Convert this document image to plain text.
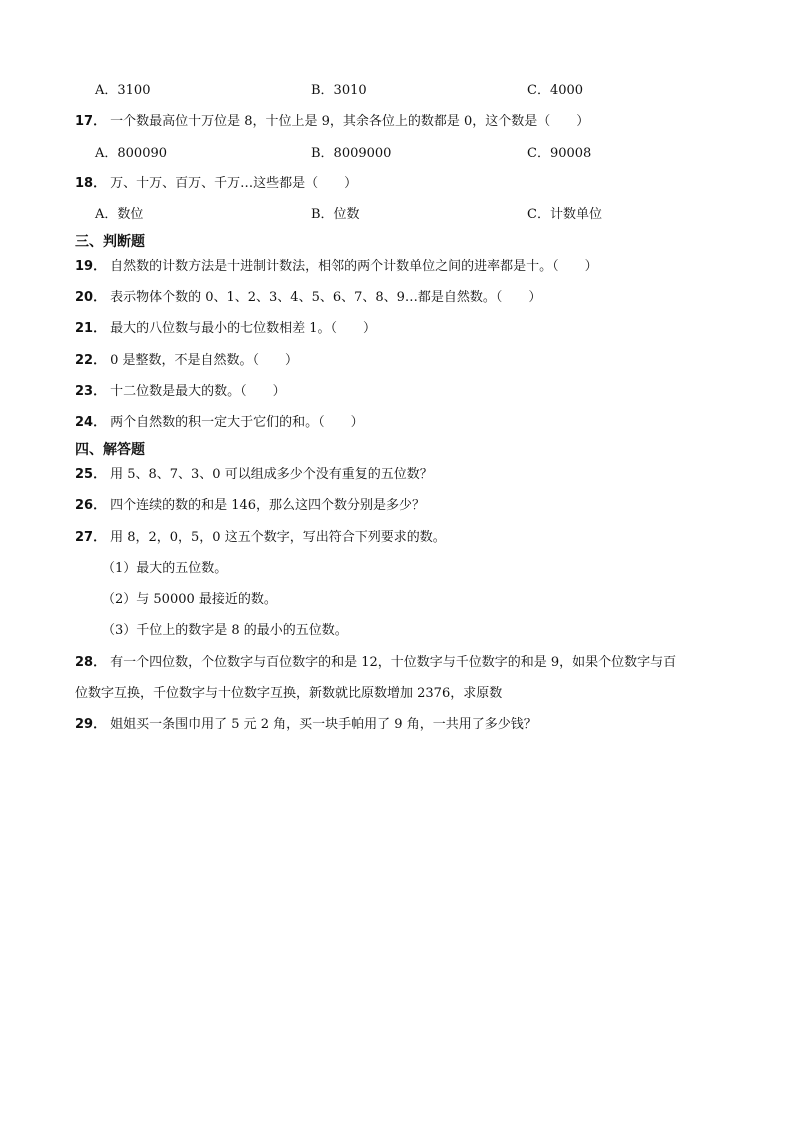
A．3100	B．3010	C．4000
17． 一个数最高位十万位是 8，十位上是 9，其余各位上的数都是 0，这个数是（　　）
A．800090	B．8009000	C．90008
18． 万、十万、百万、千万…这些都是（　　）
A．数位	B．位数	C．计数单位
三、判断题
19． 自然数的计数方法是十进制计数法，相邻的两个计数单位之间的进率都是十。（　　）
20． 表示物体个数的 0、1、2、3、4、5、6、7、8、9…都是自然数。（　　）
21． 最大的八位数与最小的七位数相差 1。（　　）
22． 0 是整数，不是自然数。（　　）
23． 十二位数是最大的数。（　　）
24． 两个自然数的积一定大于它们的和。（　　）
四、解答题
25． 用 5、8、7、3、0 可以组成多少个没有重复的五位数？
26． 四个连续的数的和是 146，那么这四个数分别是多少？
27． 用 8，2，0，5，0 这五个数字，写出符合下列要求的数。
（1）最大的五位数。
（2）与 50000 最接近的数。
（3）千位上的数字是 8 的最小的五位数。
28． 有一个四位数，个位数字与百位数字的和是 12，十位数字与千位数字的和是 9，如果个位数字与百
位数字互换，千位数字与十位数字互换，新数就比原数增加 2376，求原数
29． 姐姐买一条围巾用了 5 元 2 角，买一块手帕用了 9 角，一共用了多少钱？
